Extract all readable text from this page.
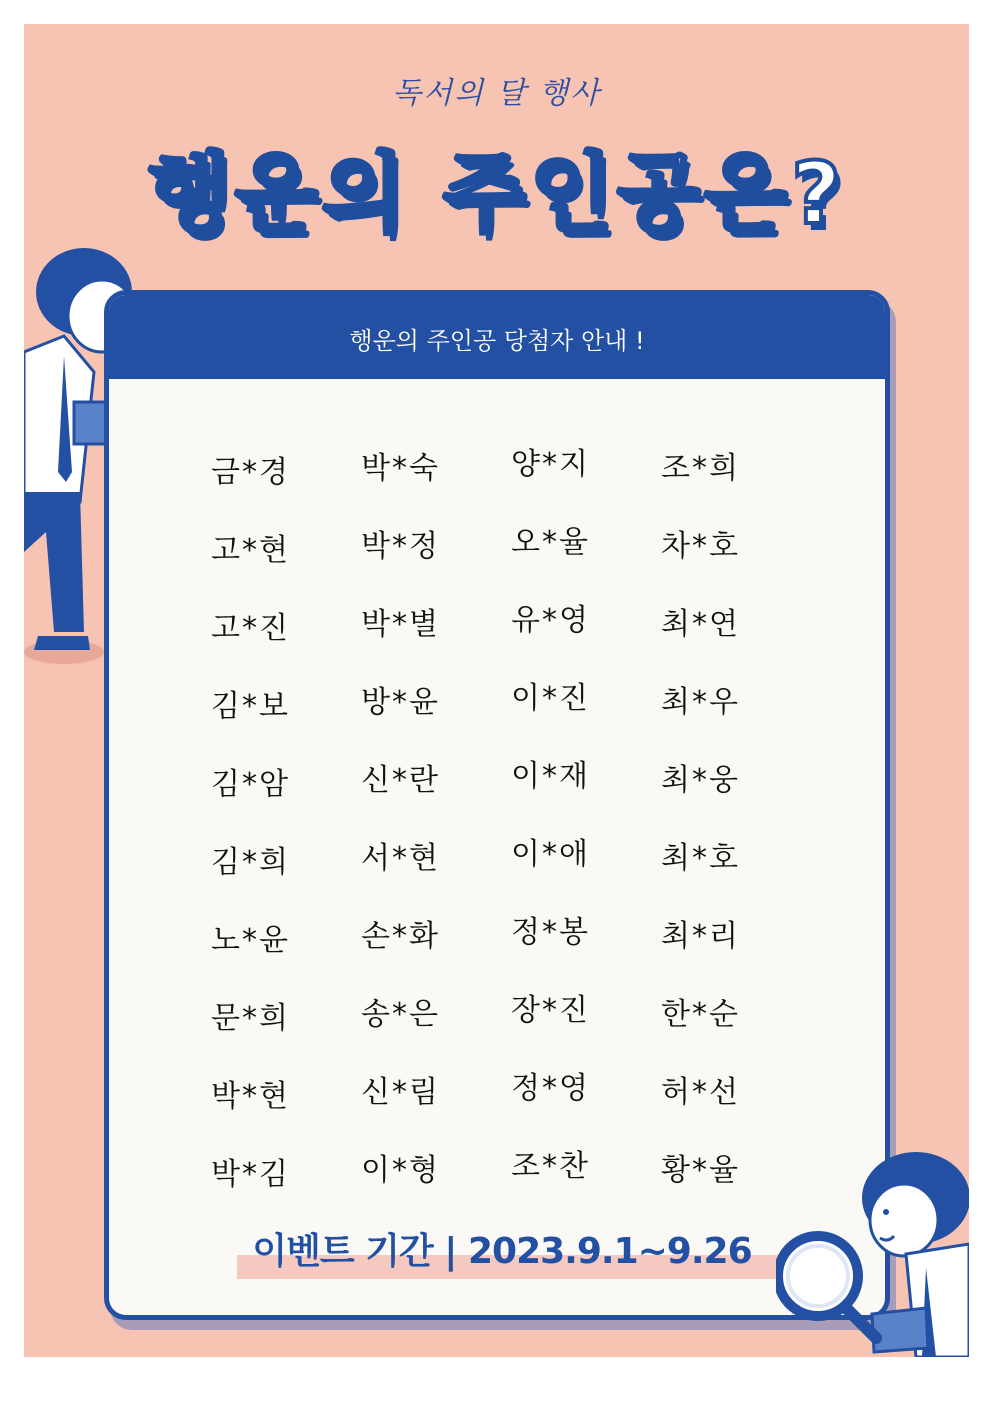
독서의 달 행사
행운의 주인공은?
행운의 주인공 당첨자 안내 !
금*경	박*숙	양*지	조*희
고*현	박*정	오*율	차*호
고*진	박*별	유*영	최*연
김*보	방*윤	이*진	최*우
김*암	신*란	이*재	최*웅
김*희	서*현	이*애	최*호
노*윤	손*화	정*봉	최*리
문*희	송*은	장*진	한*순
박*현	신*림	정*영	허*선
박*김	이*형	조*찬	황*율
이벤트 기간 | 2023.9.1~9.26
